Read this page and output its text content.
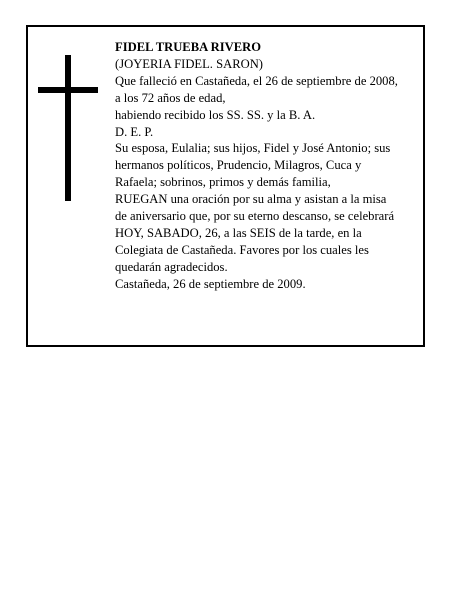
FIDEL TRUEBA RIVERO
(JOYERIA FIDEL. SARON)
Que falleció en Castañeda, el 26 de septiembre de 2008,
a los 72 años de edad,
habiendo recibido los SS. SS. y la B. A.
D. E. P.
Su esposa, Eulalia; sus hijos, Fidel y José Antonio; sus
hermanos políticos, Prudencio, Milagros, Cuca y
Rafaela; sobrinos, primos y demás familia,
RUEGAN una oración por su alma y asistan a la misa
de aniversario que, por su eterno descanso, se celebrará
HOY, SABADO, 26, a las SEIS de la tarde, en la
Colegiata de Castañeda. Favores por los cuales les
quedarán agradecidos.
Castañeda, 26 de septiembre de 2009.
